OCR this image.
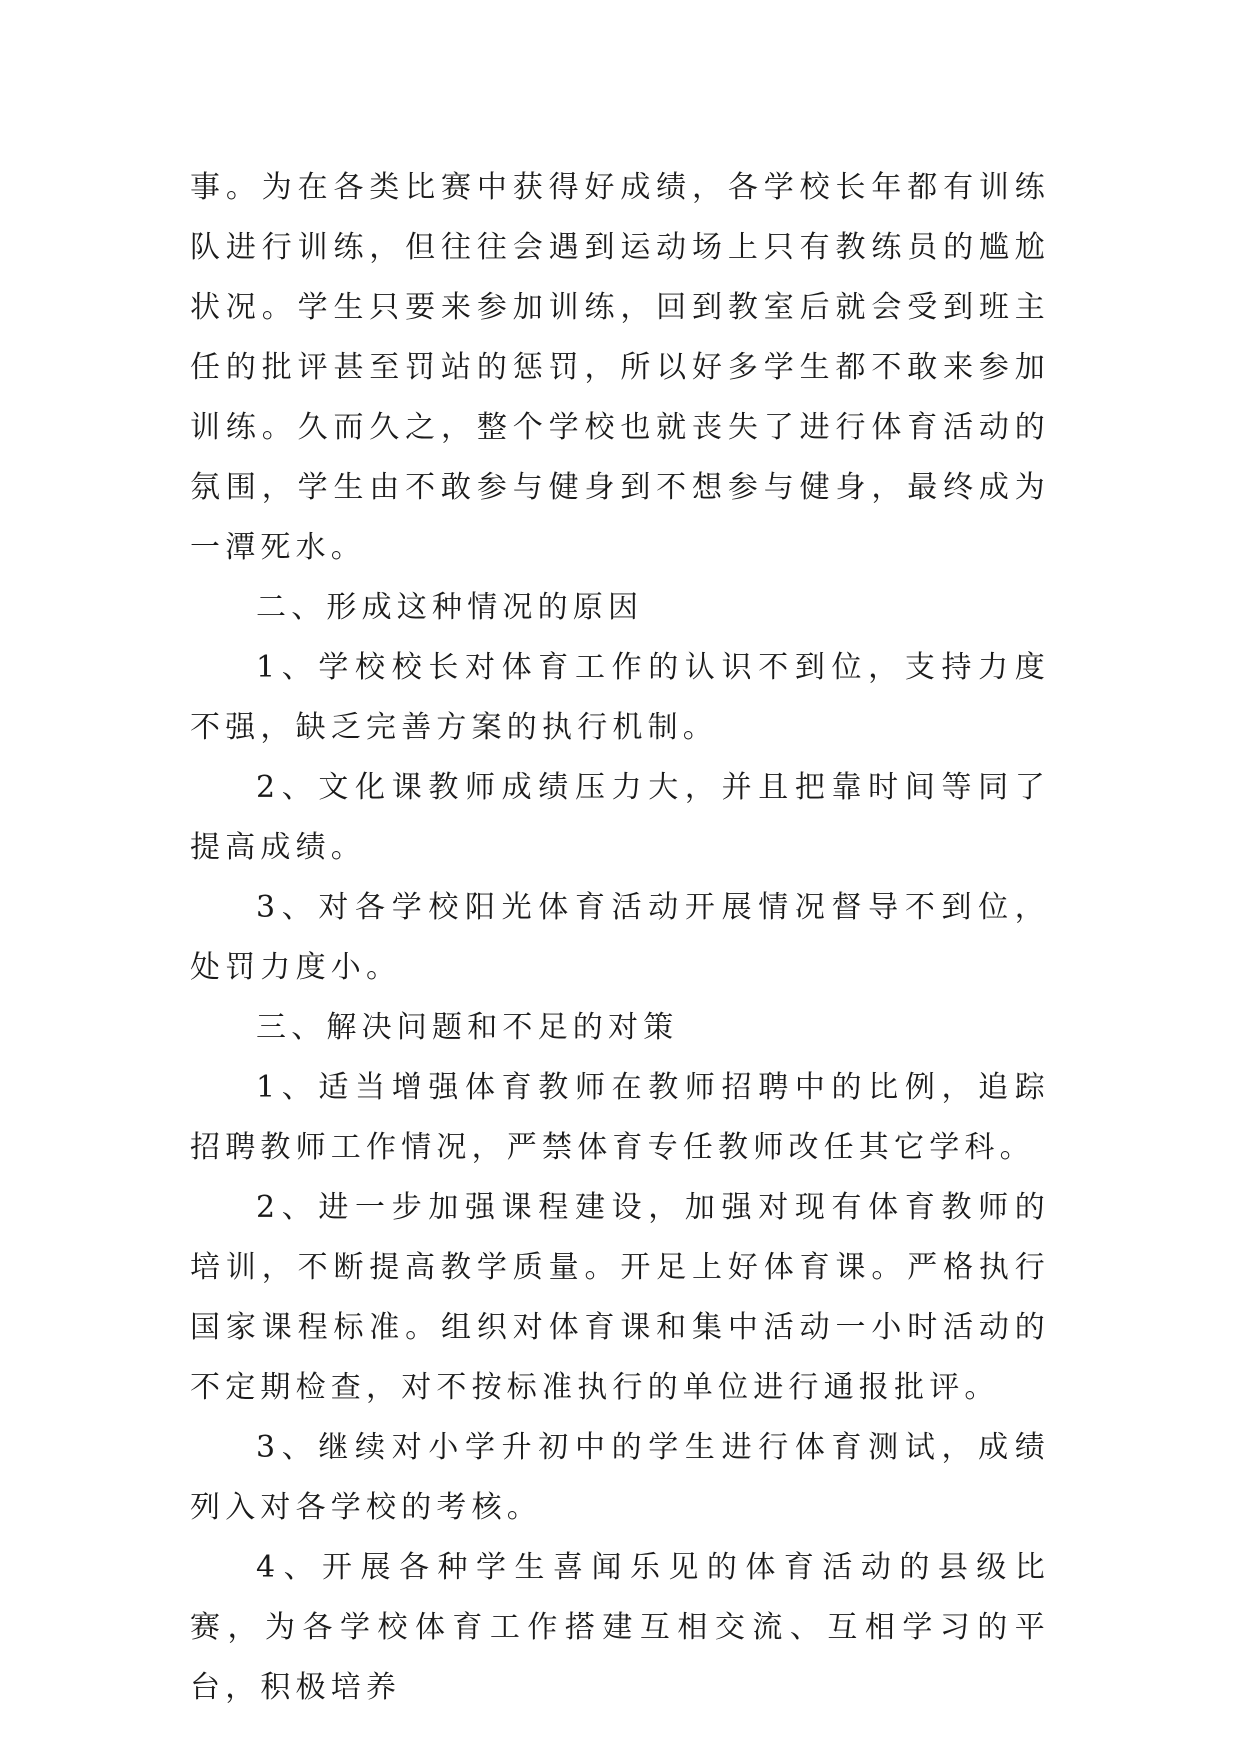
事。为在各类比赛中获得好成绩，各学校长年都有训练队进行训练，但往往会遇到运动场上只有教练员的尴尬状况。学生只要来参加训练，回到教室后就会受到班主任的批评甚至罚站的惩罚，所以好多学生都不敢来参加训练。久而久之，整个学校也就丧失了进行体育活动的氛围，学生由不敢参与健身到不想参与健身，最终成为一潭死水。

二、形成这种情况的原因

1、学校校长对体育工作的认识不到位，支持力度不强，缺乏完善方案的执行机制。

2、文化课教师成绩压力大，并且把靠时间等同了提高成绩。

3、对各学校阳光体育活动开展情况督导不到位，处罚力度小。

三、解决问题和不足的对策

1、适当增强体育教师在教师招聘中的比例，追踪招聘教师工作情况，严禁体育专任教师改任其它学科。

2、进一步加强课程建设，加强对现有体育教师的培训，不断提高教学质量。开足上好体育课。严格执行国家课程标准。组织对体育课和集中活动一小时活动的不定期检查，对不按标准执行的单位进行通报批评。

3、继续对小学升初中的学生进行体育测试，成绩列入对各学校的考核。

4、开展各种学生喜闻乐见的体育活动的县级比赛，为各学校体育工作搭建互相交流、互相学习的平台，积极培养
